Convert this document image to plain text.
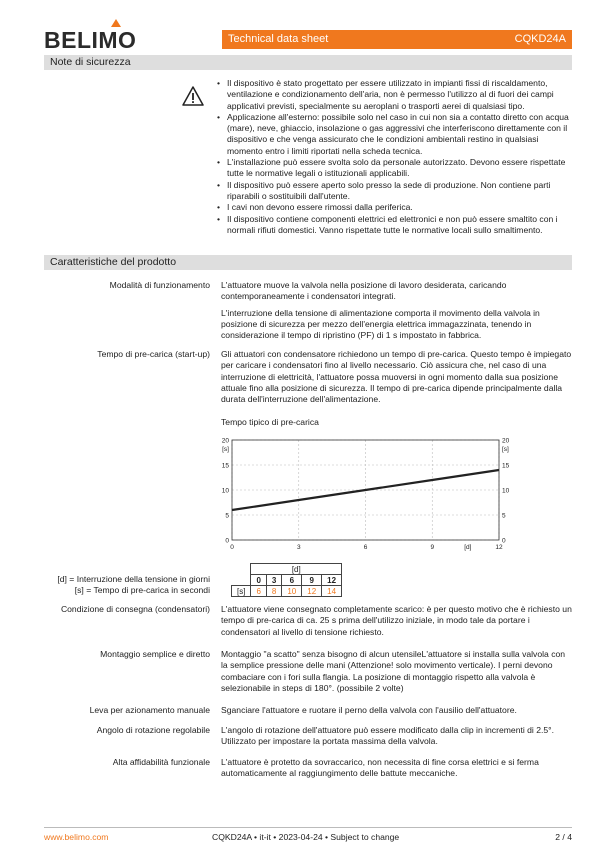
BELIMO	Technical data sheet	CQKD24A
Note di sicurezza
• Il dispositivo è stato progettato per essere utilizzato in impianti fissi di riscaldamento, ventilazione e condizionamento dell'aria, non è permesso l'utilizzo al di fuori dei campi applicativi previsti, specialmente su aeroplani o trasporti aerei di qualsiasi tipo.
• Applicazione all'esterno: possibile solo nel caso in cui non sia a contatto diretto con acqua (mare), neve, ghiaccio, insolazione o gas aggressivi che interferiscono direttamente con il dispositivo e che venga assicurato che le condizioni ambientali restino in qualsiasi momento entro i limiti riportati nella scheda tecnica.
• L'installazione può essere svolta solo da personale autorizzato. Devono essere rispettate tutte le normative legali o istituzionali applicabili.
• Il dispositivo può essere aperto solo presso la sede di produzione. Non contiene parti riparabili o sostituibili dall'utente.
• I cavi non devono essere rimossi dalla periferica.
• Il dispositivo contiene componenti elettrici ed elettronici e non può essere smaltito con i normali rifiuti domestici. Vanno rispettate tutte le normative locali sullo smaltimento.
Caratteristiche del prodotto
Modalità di funzionamento L'attuatore muove la valvola nella posizione di lavoro desiderata, caricando contemporaneamente i condensatori integrati.

L'interruzione della tensione di alimentazione comporta il movimento della valvola in posizione di sicurezza per mezzo dell'energia elettrica immagazzinata, tenendo in considerazione il tempo di ripristino (PF) di 1 s impostato in fabbrica.

Tempo di pre-carica (start-up) Gli attuatori con condensatore richiedono un tempo di pre-carica. Questo tempo è impiegato per caricare i condensatori fino al livello necessario. Ciò assicura che, nel caso di una interruzione di elettricità, l'attuatore possa muoversi in ogni momento dalla sua posizione attuale fino alla posizione di sicurezza. Il tempo di pre-carica dipende principalmente dalla durata dell'interruzione dell'alimentazione.

Tempo tipico di pre-carica
0	0
5	5
10	10
15	15
20	20
[s]	[s]
0	3	6	9	12
[d]
	[d]				
	0	3	6	9	12
[s]	6	8	10	12	14
[d] = Interruzione della tensione in giorni
[s] = Tempo di pre-carica in secondi
Condizione di consegna (condensatori) L'attuatore viene consegnato completamente scarico: è per questo motivo che è richiesto un tempo di pre-carica di ca. 25 s prima dell'utilizzo iniziale, in modo tale da portare i condensatori al livello di tensione richiesto.
Montaggio semplice e diretto Montaggio "a scatto" senza bisogno di alcun utensileL'attuatore si installa sulla valvola con la semplice pressione delle mani (Attenzione! solo movimento verticale). I perni devono combaciare con i fori sulla flangia. La posizione di montaggio rispetto alla valvola è selezionabile in steps di 180°. (possibile 2 volte)
Leva per azionamento manuale Sganciare l'attuatore e ruotare il perno della valvola con l'ausilio dell'attuatore.
Angolo di rotazione regolabile L'angolo di rotazione dell'attuatore può essere modificato dalla clip in incrementi di 2.5°. Utilizzato per impostare la portata massima della valvola.
Alta affidabilità funzionale L'attuatore è protetto da sovraccarico, non necessita di fine corsa elettrici e si ferma automaticamente al raggiungimento delle battute meccaniche.
www.belimo.com	CQKD24A • it-it • 2023-04-24 • Subject to change	2 / 4
